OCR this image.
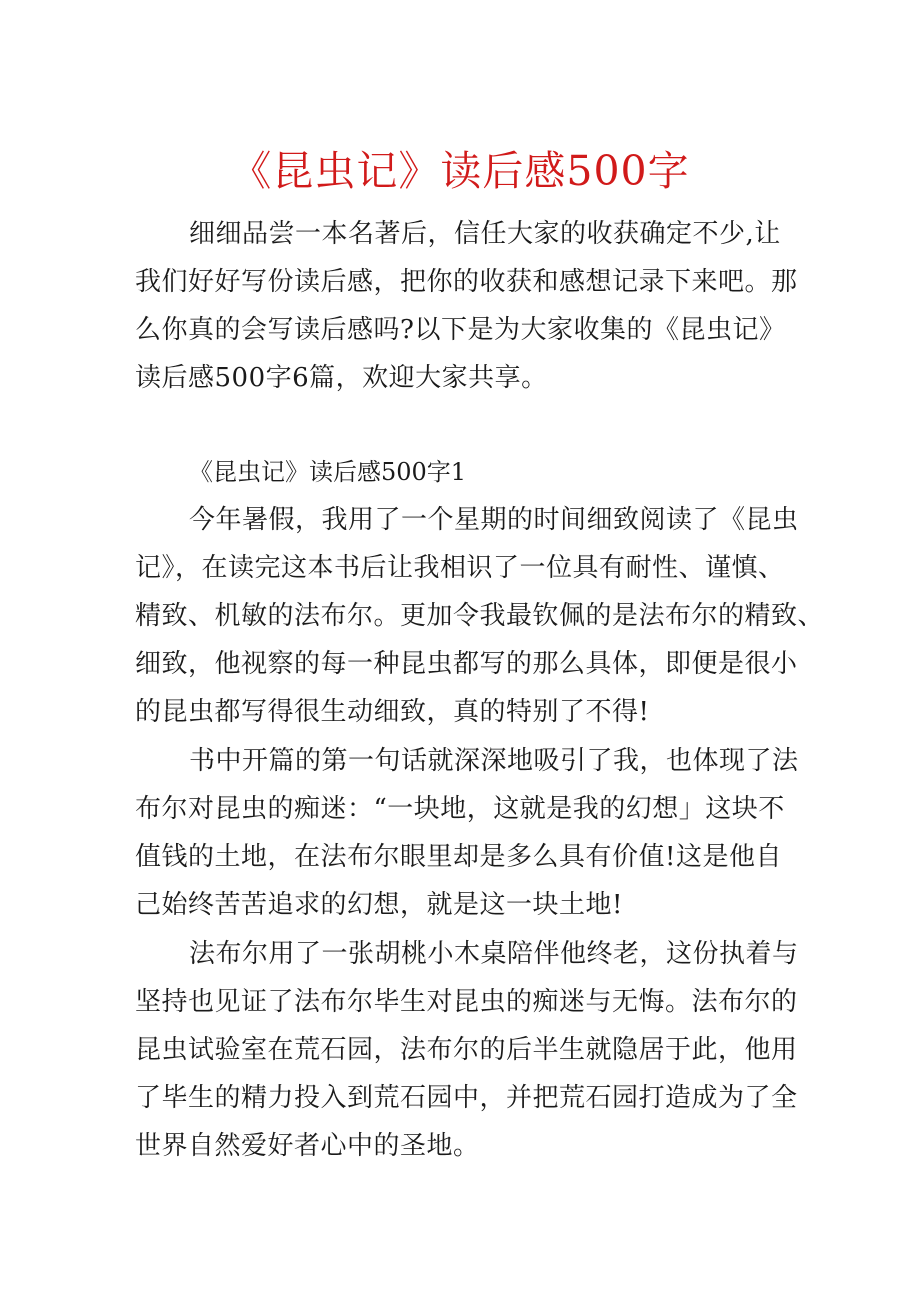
《昆虫记》读后感500字
细细品尝一本名著后，信任大家的收获确定不少,让
我们好好写份读后感，把你的收获和感想记录下来吧。那
么你真的会写读后感吗?以下是为大家收集的《昆虫记》
读后感500字6篇，欢迎大家共享。
《昆虫记》读后感500字1
今年暑假，我用了一个星期的时间细致阅读了《昆虫
记》，在读完这本书后让我相识了一位具有耐性、谨慎、
精致、机敏的法布尔。更加令我最钦佩的是法布尔的精致、
细致，他视察的每一种昆虫都写的那么具体，即便是很小
的昆虫都写得很生动细致，真的特别了不得!
书中开篇的第一句话就深深地吸引了我，也体现了法
布尔对昆虫的痴迷：“一块地，这就是我的幻想」这块不
值钱的土地，在法布尔眼里却是多么具有价值!这是他自
己始终苦苦追求的幻想，就是这一块土地!
法布尔用了一张胡桃小木桌陪伴他终老，这份执着与
坚持也见证了法布尔毕生对昆虫的痴迷与无悔。法布尔的
昆虫试验室在荒石园，法布尔的后半生就隐居于此，他用
了毕生的精力投入到荒石园中，并把荒石园打造成为了全
世界自然爱好者心中的圣地。
